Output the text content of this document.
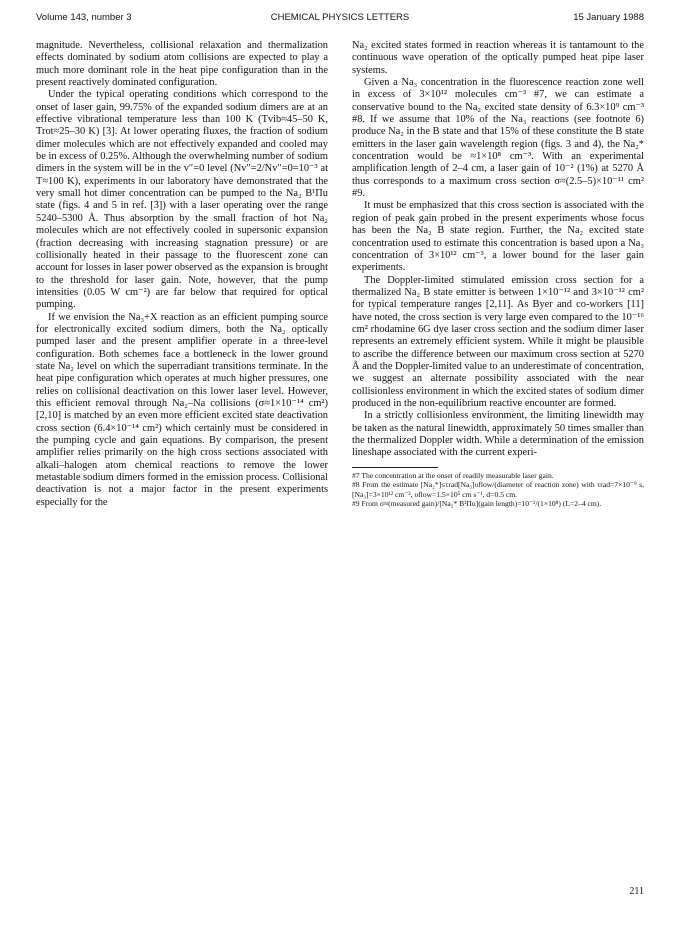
Volume 143, number 3	CHEMICAL PHYSICS LETTERS	15 January 1988

magnitude. Nevertheless, collisional relaxation and thermalization effects dominated by sodium atom collisions are expected to play a much more dominant role in the heat pipe configuration than in the present reactively dominated configuration.

Under the typical operating conditions which correspond to the onset of laser gain, 99.75% of the expanded sodium dimers are at an effective vibrational temperature less than 100 K (Tvib≈45–50 K, Trot≈25–30 K) [3]. At lower operating fluxes, the fraction of sodium dimer molecules which are not effectively expanded and cooled may be in excess of 0.25%. Although the overwhelming number of sodium dimers in the system will be in the v″=0 level (Nv″=2/Nv″=0=10⁻³ at T≈100 K), experiments in our laboratory have demonstrated that the very small hot dimer concentration can be pumped to the Na₂ B¹Πu state (figs. 4 and 5 in ref. [3]) with a laser operating over the range 5240–5300 Å. Thus absorption by the small fraction of hot Na₂ molecules which are not effectively cooled in supersonic expansion (fraction decreasing with increasing stagnation pressure) or are collisionally heated in their passage to the fluorescent zone can account for losses in laser power observed as the expansion is brought to the threshold for laser gain. Note, however, that the pump intensities (0.05 W cm⁻²) are far below that required for optical pumping.

If we envision the Na₃+X reaction as an efficient pumping source for electronically excited sodium dimers, both the Na₂ optically pumped laser and the present amplifier operate in a three-level configuration. Both schemes face a bottleneck in the lower ground state Na₂ level on which the superradiant transitions terminate. In the heat pipe configuration which operates at much higher pressures, one relies on collisional deactivation on this lower laser level. However, this efficient removal through Na₂–Na collisions (σ≈1×10⁻¹⁴ cm²) [2,10] is matched by an even more efficient excited state deactivation cross section (6.4×10⁻¹⁴ cm²) which certainly must be considered in the pumping cycle and gain equations. By comparison, the present amplifier relies primarily on the high cross sections associated with alkali–halogen atom chemical reactions to remove the lower metastable sodium dimers formed in the emission process. Collisional deactivation is not a major factor in the present experiments especially for the

Na₂ excited states formed in reaction whereas it is tantamount to the continuous wave operation of the optically pumped heat pipe laser systems.

Given a Na₃ concentration in the fluorescence reaction zone well in excess of 3×10¹² molecules cm⁻³ #7, we can estimate a conservative bound to the Na₂ excited state density of 6.3×10⁹ cm⁻³ #8. If we assume that 10% of the Na₃ reactions (see footnote 6) produce Na₂ in the B state and that 15% of these constitute the B state emitters in the laser gain wavelength region (figs. 3 and 4), the Na₂* concentration would be ≈1×10⁸ cm⁻³. With an experimental amplification length of 2–4 cm, a laser gain of 10⁻² (1%) at 5270 Å thus corresponds to a maximum cross section σ≈(2.5–5)×10⁻¹¹ cm² #9.

It must be emphasized that this cross section is associated with the region of peak gain probed in the present experiments whose focus has been the Na₂ B state region. Further, the Na₂ excited state concentration used to estimate this concentration is based upon a Na₃ concentration of 3×10¹² cm⁻³, a lower bound for the laser gain experiments.

The Doppler-limited stimulated emission cross section for a thermalized Na₂ B state emitter is between 1×10⁻¹² and 3×10⁻¹² cm² for typical temperature ranges [2,11]. As Byer and co-workers [11] have noted, the cross section is very large even compared to the 10⁻¹⁶ cm² rhodamine 6G dye laser cross section and the sodium dimer laser represents an extremely efficient system. While it might be plausible to ascribe the difference between our maximum cross section at 5270 Å and the Doppler-limited value to an underestimate of concentration, we suggest an alternate possibility associated with the near collisionless environment in which the excited states of sodium dimer produced in the non-equilibrium reactive encounter are formed.

In a strictly collisionless environment, the limiting linewidth may be taken as the natural linewidth, approximately 50 times smaller than the thermalized Doppler width. While a determination of the emission lineshape associated with the current experi-

#7 The concentration at the onset of readily measurable laser gain.

#8 From the estimate [Na₂*]≤τrad[Na₃]υflow/(diameter of reaction zone) with τrad=7×10⁻⁹ s, [Na₃]=3×10¹² cm⁻³, υflow=1.5×10⁵ cm s⁻¹, d=0.5 cm.

#9 From σ≈(measured gain)/[Na₂* B¹Πu](gain length)=10⁻²/(1×10⁸) (L=2–4 cm).

211
